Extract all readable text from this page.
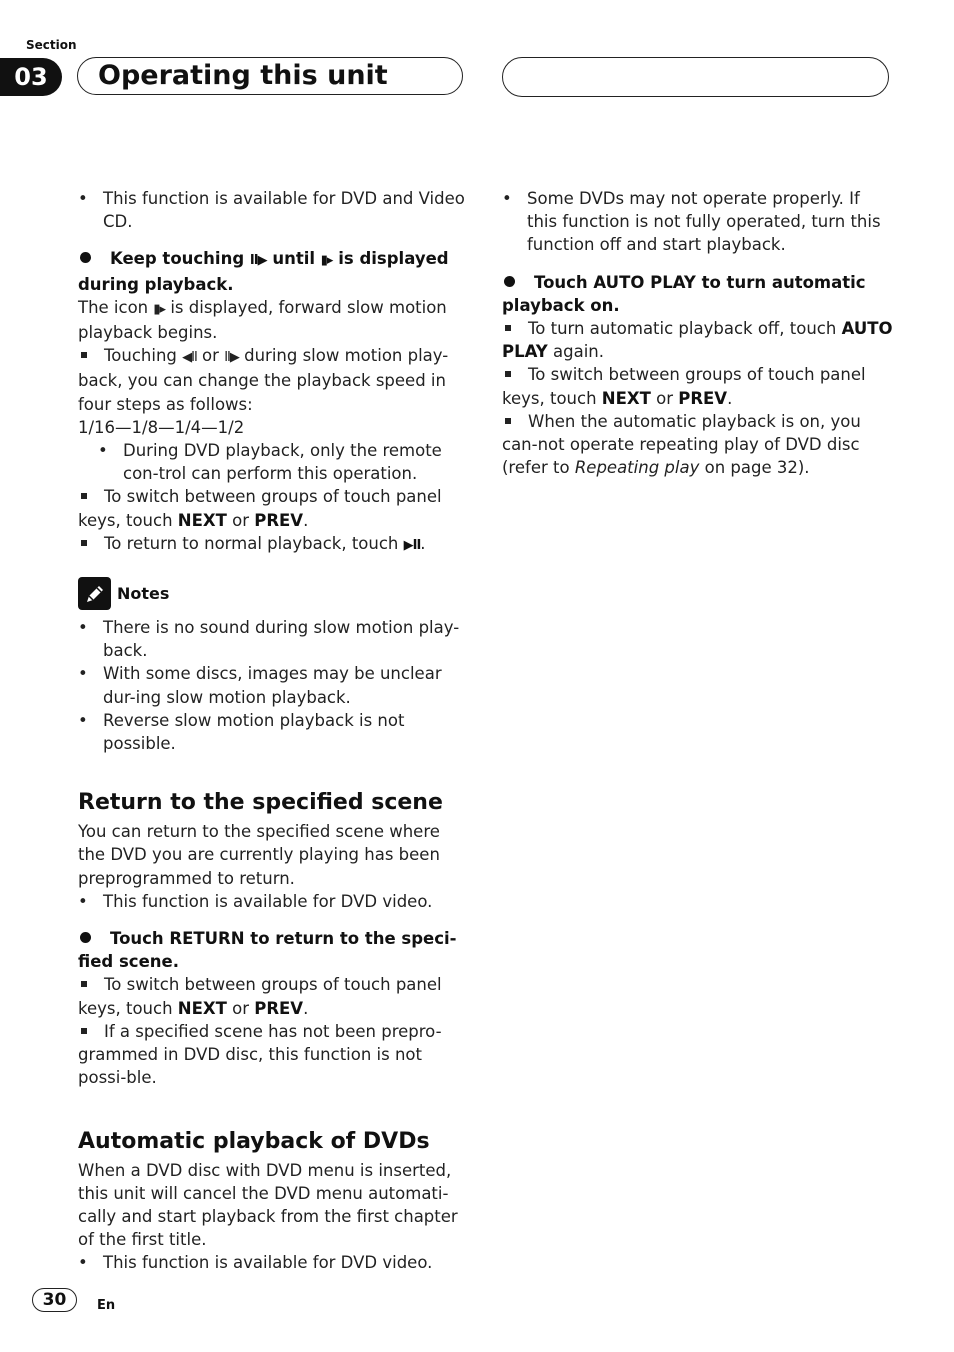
Section
03	Operating this unit
• This function is available for DVD and Video CD.

Keep touching II▶ until ▮▸ is displayed during playback.

The icon ▮▸ is displayed, forward slow motion playback begins.

Touching ◀II or II▶ during slow motion play-back, you can change the playback speed in four steps as follows:

1/16—1/8—1/4—1/2

• During DVD playback, only the remote con-trol can perform this operation.

To switch between groups of touch panel keys, touch NEXT or PREV.

To return to normal playback, touch ▶II.

Notes
• There is no sound during slow motion play-back.
• With some discs, images may be unclear dur-ing slow motion playback.
• Reverse slow motion playback is not possible.
Return to the specified scene

You can return to the specified scene where the DVD you are currently playing has been preprogrammed to return.

• This function is available for DVD video.

Touch RETURN to return to the speci-fied scene.

To switch between groups of touch panel keys, touch NEXT or PREV.

If a specified scene has not been prepro-grammed in DVD disc, this function is not possi-ble.

Automatic playback of DVDs

When a DVD disc with DVD menu is inserted, this unit will cancel the DVD menu automati-cally and start playback from the first chapter of the first title.

• This function is available for DVD video.
• Some DVDs may not operate properly. If this function is not fully operated, turn this function off and start playback.

Touch AUTO PLAY to turn automatic playback on.

To turn automatic playback off, touch AUTO PLAY again.

To switch between groups of touch panel keys, touch NEXT or PREV.

When the automatic playback is on, you can-not operate repeating play of DVD disc (refer to Repeating play on page 32).

30	En
